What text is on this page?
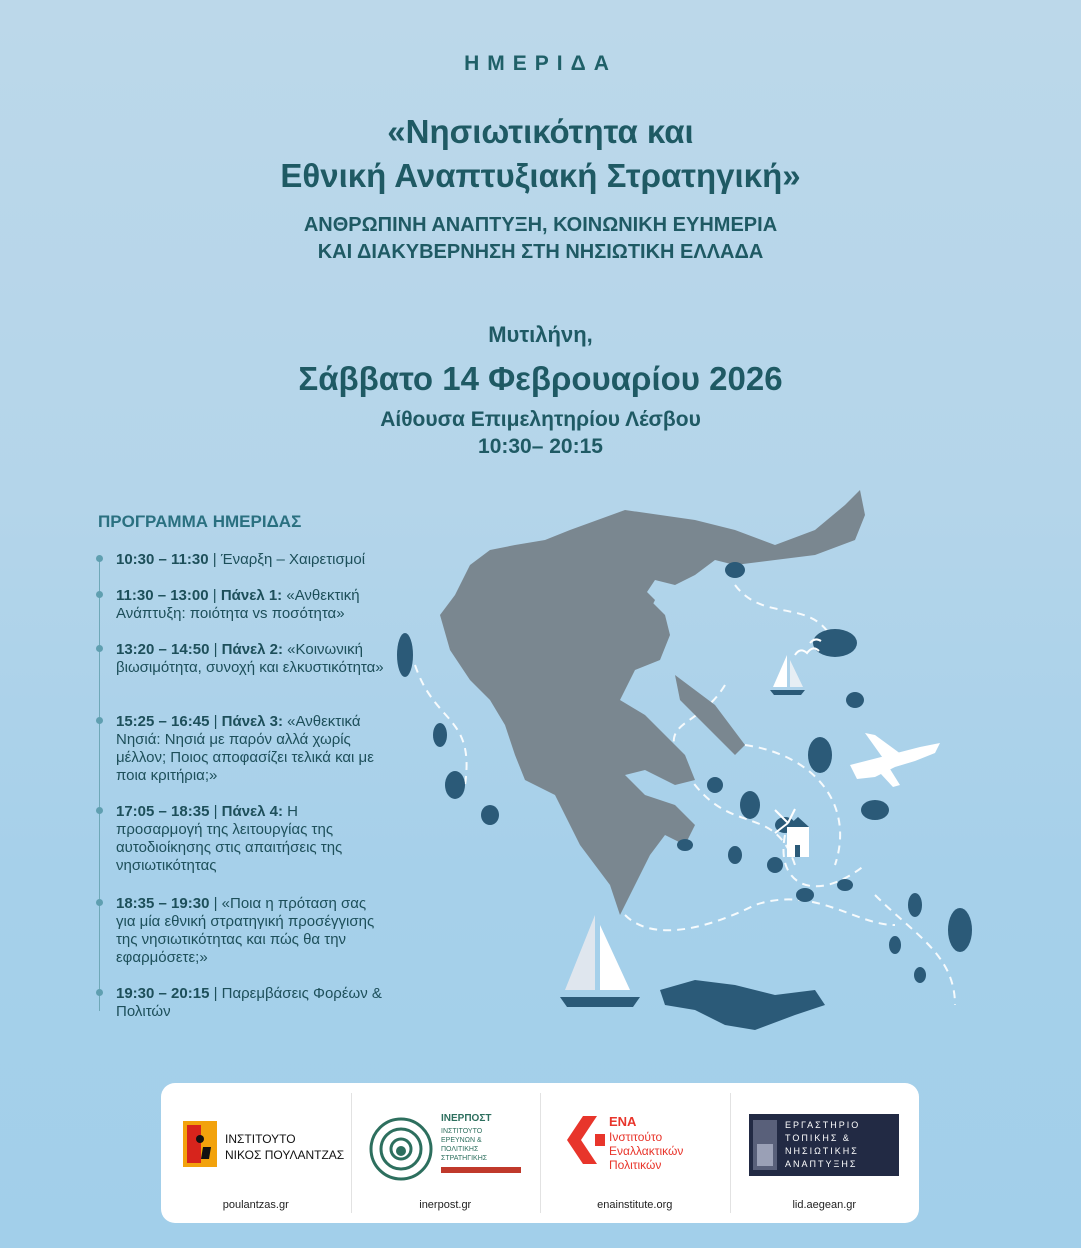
ΗΜΕΡΙΔΑ
«Νησιωτικότητα και
Εθνική Αναπτυξιακή Στρατηγική»
ΑΝΘΡΩΠΙΝΗ ΑΝΑΠΤΥΞΗ, ΚΟΙΝΩΝΙΚΗ ΕΥΗΜΕΡΙΑ
ΚΑΙ ΔΙΑΚΥΒΕΡΝΗΣΗ ΣΤΗ ΝΗΣΙΩΤΙΚΗ ΕΛΛΑΔΑ
Μυτιλήνη,
Σάββατο 14 Φεβρουαρίου 2026
Αίθουσα Επιμελητηρίου Λέσβου
10:30– 20:15
ΠΡΟΓΡΑΜΜΑ ΗΜΕΡΙΔΑΣ
10:30 – 11:30 | Έναρξη – Χαιρετισμοί
11:30 – 13:00 | Πάνελ 1: «Ανθεκτική Ανάπτυξη: ποιότητα vs ποσότητα»
13:20 – 14:50 | Πάνελ 2: «Κοινωνική βιωσιμότητα, συνοχή και ελκυστικότητα»
15:25 – 16:45 | Πάνελ 3: «Ανθεκτικά Νησιά: Νησιά με παρόν αλλά χωρίς μέλλον; Ποιος αποφασίζει τελικά και με ποια κριτήρια;»
17:05 – 18:35 | Πάνελ 4: Η προσαρμογή της λειτουργίας της αυτοδιοίκησης στις απαιτήσεις της νησιωτικότητας
18:35 – 19:30 | «Ποια η πρόταση σας για μία εθνική στρατηγική προσέγγισης της νησιωτικότητας και πώς θα την εφαρμόσετε;»
19:30 – 20:15 | Παρεμβάσεις Φορέων & Πολιτών
ΙΝΣΤΙΤΟΥΤΟ
ΝΙΚΟΣ ΠΟΥΛΑΝΤΖΑΣ
poulantzas.gr
ΙΝΕΡΠΟΣΤ
ΙΝΣΤΙΤΟΥΤΟ
ΕΡΕΥΝΩΝ &
ΠΟΛΙΤΙΚΗΣ
ΣΤΡΑΤΗΓΙΚΗΣ
inerpost.gr
ΕΝΑ
Ινστιτούτο
Εναλλακτικών
Πολιτικών
enainstitute.org
ΕΡΓΑΣΤΗΡΙΟ
ΤΟΠΙΚΗΣ &
ΝΗΣΙΩΤΙΚΗΣ
ΑΝΑΠΤΥΞΗΣ
lid.aegean.gr
